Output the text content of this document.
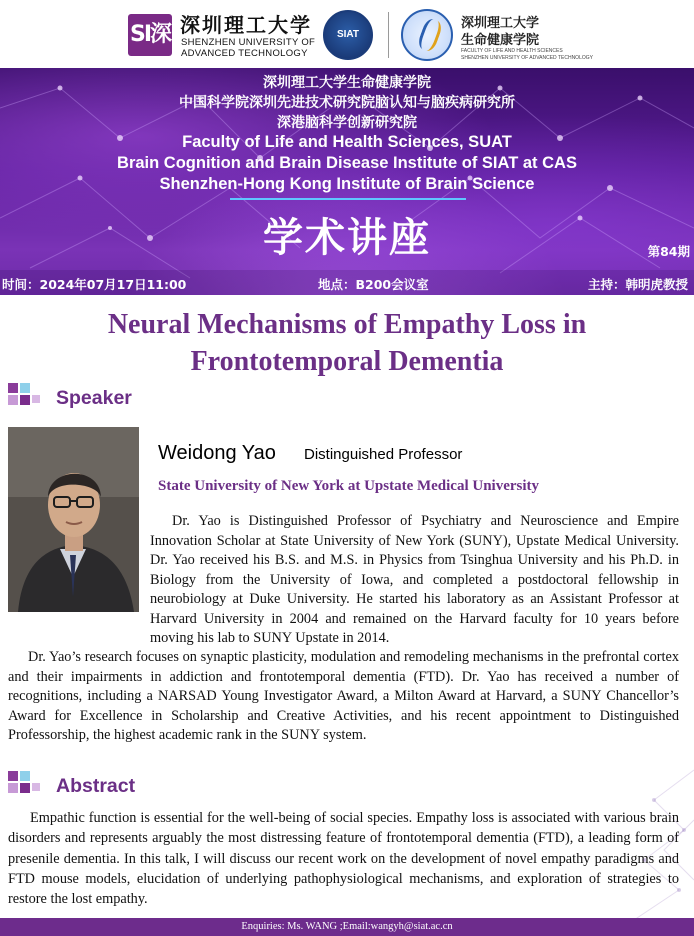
SI深 深圳理工大学
SHENZHEN UNIVERSITY OF
ADVANCED TECHNOLOGY
SIAT
深圳理工大学
生命健康学院
FACULTY OF LIFE AND HEALTH SCIENCES
SHENZHEN UNIVERSITY OF ADVANCED TECHNOLOGY
深圳理工大学生命健康学院
中国科学院深圳先进技术研究院脑认知与脑疾病研究所
深港脑科学创新研究院
Faculty of Life and Health Sciences, SUAT
Brain Cognition and Brain Disease Institute of SIAT at CAS
Shenzhen-Hong Kong Institute of Brain Science
学术讲座	第84期
时间：2024年07月17日11:00	地点：B200会议室	主持：韩明虎教授
Neural Mechanisms of Empathy Loss in
Frontotemporal Dementia
Speaker
Weidong Yao Distinguished Professor
State University of New York at Upstate Medical University

Dr. Yao is Distinguished Professor of Psychiatry and Neuroscience and Empire Innovation Scholar at State University of New York (SUNY), Upstate Medical University. Dr. Yao received his B.S. and M.S. in Physics from Tsinghua University and his Ph.D. in Biology from the University of Iowa, and completed a postdoctoral fellowship in neurobiology at Duke University. He started his laboratory as an Assistant Professor at Harvard University in 2004 and remained on the Harvard faculty for 10 years before moving his lab to SUNY Upstate in 2014.

Dr. Yao’s research focuses on synaptic plasticity, modulation and remodeling mechanisms in the prefrontal cortex and their impairments in addiction and frontotemporal dementia (FTD). Dr. Yao has received a number of recognitions, including a NARSAD Young Investigator Award, a Milton Award at Harvard, a SUNY Chancellor’s Award for Excellence in Scholarship and Creative Activities, and his recent appointment to Distinguished Professorship, the highest academic rank in the SUNY system.

Abstract

Empathic function is essential for the well-being of social species. Empathy loss is associated with various brain disorders and represents arguably the most distressing feature of frontotemporal dementia (FTD), a leading form of presenile dementia. In this talk, I will discuss our recent work on the development of novel empathy paradigms and FTD mouse models, elucidation of underlying pathophysiological mechanisms, and exploration of strategies to restore the lost empathy.

Enquiries: Ms. WANG ;Email:wangyh@siat.ac.cn
